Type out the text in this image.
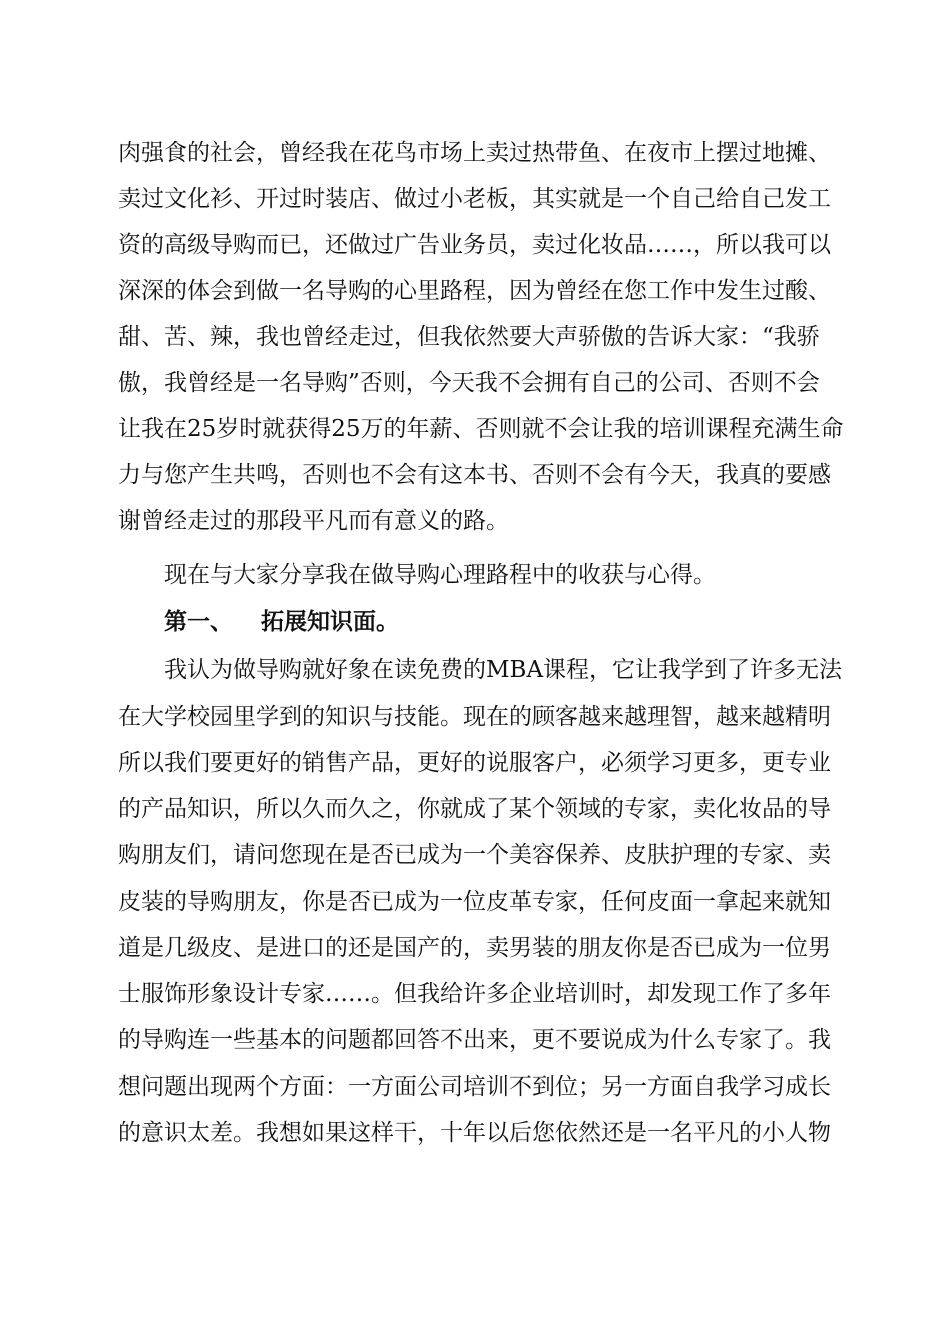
肉强食的社会，曾经我在花鸟市场上卖过热带鱼、在夜市上摆过地摊、
卖过文化衫、开过时装店、做过小老板，其实就是一个自己给自己发工
资的高级导购而已，还做过广告业务员，卖过化妆品……，所以我可以
深深的体会到做一名导购的心里路程，因为曾经在您工作中发生过酸、
甜、苦、辣，我也曾经走过，但我依然要大声骄傲的告诉大家：“我骄
傲，我曾经是一名导购”否则，今天我不会拥有自己的公司、否则不会
让我在25岁时就获得25万的年薪、否则就不会让我的培训课程充满生命
力与您产生共鸣，否则也不会有这本书、否则不会有今天，我真的要感
谢曾经走过的那段平凡而有意义的路。
现在与大家分享我在做导购心理路程中的收获与心得。
第一、 拓展知识面。
我认为做导购就好象在读免费的MBA课程，它让我学到了许多无法
在大学校园里学到的知识与技能。现在的顾客越来越理智，越来越精明
所以我们要更好的销售产品，更好的说服客户，必须学习更多，更专业
的产品知识，所以久而久之，你就成了某个领域的专家，卖化妆品的导
购朋友们，请问您现在是否已成为一个美容保养、皮肤护理的专家、卖
皮装的导购朋友，你是否已成为一位皮革专家，任何皮面一拿起来就知
道是几级皮、是进口的还是国产的，卖男装的朋友你是否已成为一位男
士服饰形象设计专家……。但我给许多企业培训时，却发现工作了多年
的导购连一些基本的问题都回答不出来，更不要说成为什么专家了。我
想问题出现两个方面：一方面公司培训不到位；另一方面自我学习成长
的意识太差。我想如果这样干，十年以后您依然还是一名平凡的小人物
